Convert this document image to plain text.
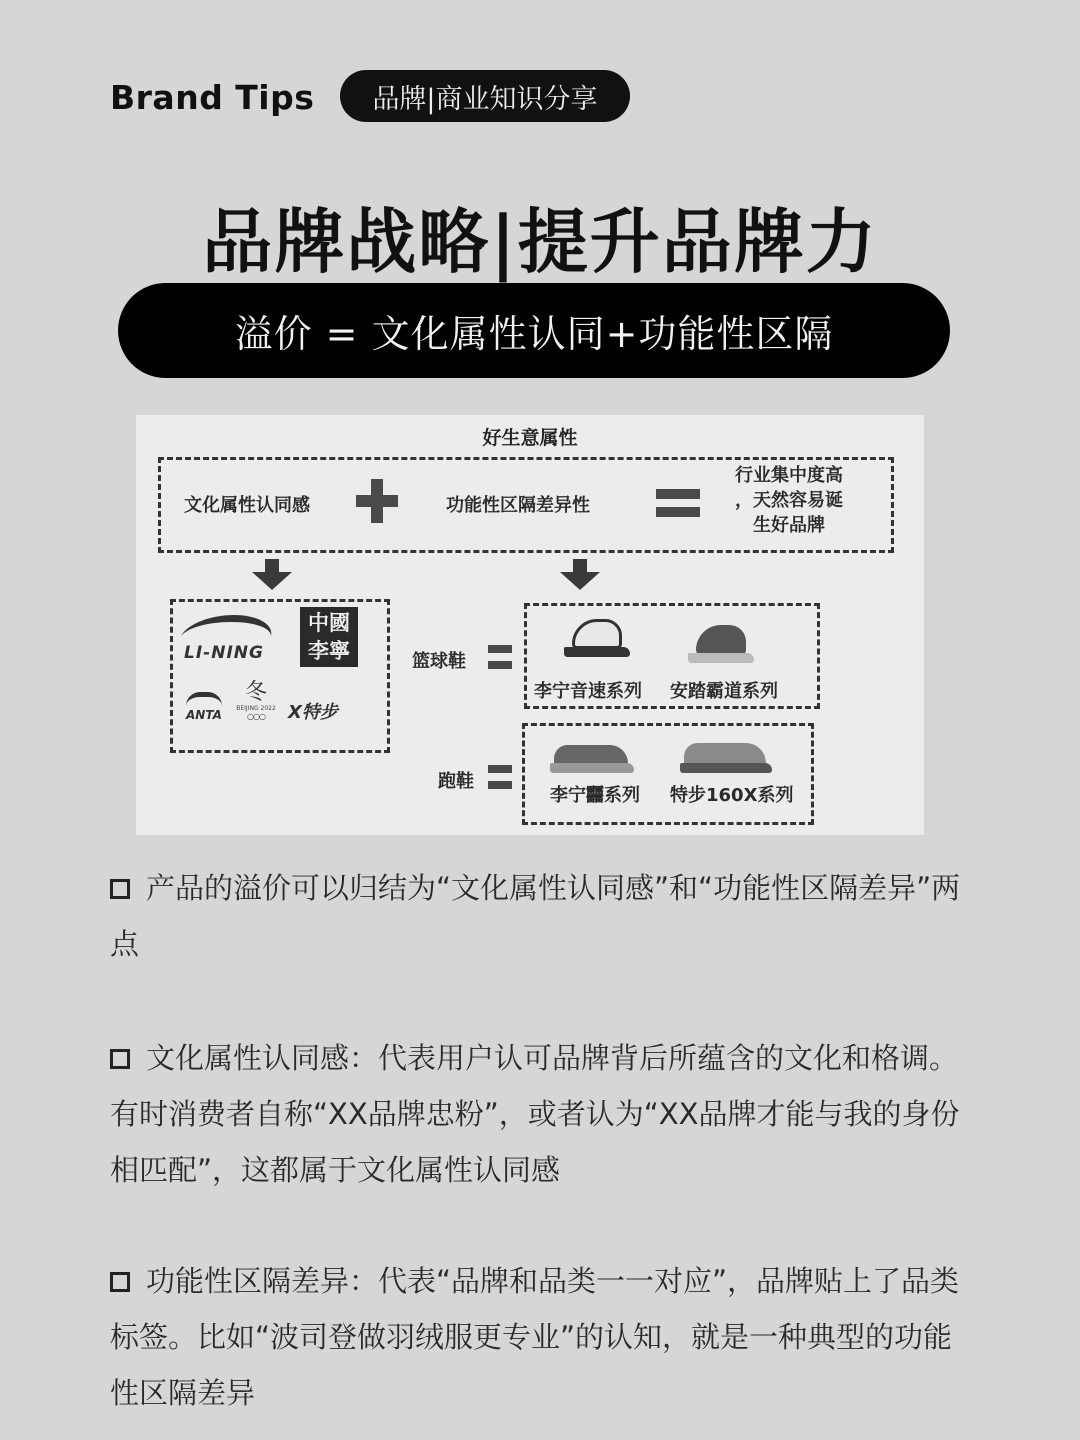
Brand Tips	品牌|商业知识分享
品牌战略|提升品牌力
溢价 = 文化属性认同+功能性区隔
好生意属性
文化属性认同感	功能性区隔差异性
行业集中度高
，天然容易诞
生好品牌
LI-NING
中國
李寧
ANTA
冬
BEIJING 2022
○○○	X特步
篮球鞋
李宁音速系列 安踏霸道系列
跑鞋
李宁䨻系列 特步160X系列
产品的溢价可以归结为“文化属性认同感”和“功能性区隔差异”两点
文化属性认同感：代表用户认可品牌背后所蕴含的文化和格调。有时消费者自称“XX品牌忠粉”，或者认为“XX品牌才能与我的身份相匹配”，这都属于文化属性认同感
功能性区隔差异：代表“品牌和品类一一对应”，品牌贴上了品类标签。比如“波司登做羽绒服更专业”的认知，就是一种典型的功能性区隔差异
